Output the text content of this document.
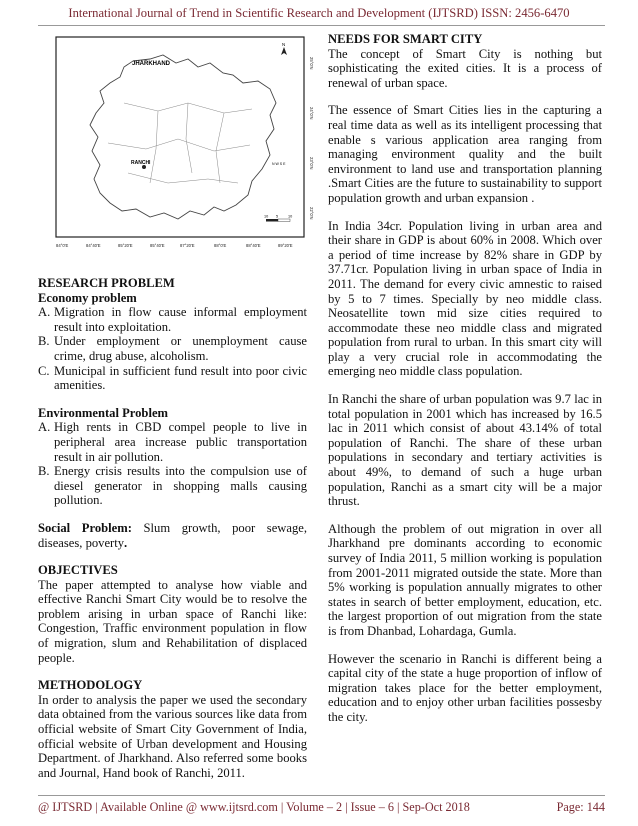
International Journal of Trend in Scientific Research and Development (IJTSRD) ISSN: 2456-6470
JHARKHAND
RANCHI
N
10 5	10
N W S E
84°0'E	84°40'E	85°20'E	85°40'E	87°20'E	88°0'E	88°40'E	89°20'E
25°0'N
24°0'N
23°0'N
22°0'N
RESEARCH PROBLEM
Economy problem
A. Migration in flow cause informal employment result into exploitation.
B. Under employment or unemployment cause crime, drug abuse, alcoholism.
C. Municipal in sufficient fund result into poor civic amenities.
Environmental Problem
A. High rents in CBD compel people to live in peripheral area increase public transportation result in air pollution.
B. Energy crisis results into the compulsion use of diesel generator in shopping malls causing pollution.

Social Problem: Slum growth, poor sewage, diseases, poverty.

OBJECTIVES

The paper attempted to analyse how viable and effective Ranchi Smart City would be to resolve the problem arising in urban space of Ranchi like: Congestion, Traffic environment population in flow of migration, slum and Rehabilitation of displaced people.

METHODOLOGY

In order to analysis the paper we used the secondary data obtained from the various sources like data from official website of Smart City Government of India, official website of Urban development and Housing Department. of Jharkhand. Also referred some books and Journal, Hand book of Ranchi, 2011.

NEEDS FOR SMART CITY

The concept of Smart City is nothing but sophisticating the exited cities. It is a process of renewal of urban space.

The essence of Smart Cities lies in the capturing a real time data as well as its intelligent processing that enable s various application area ranging from managing environment quality and the built environment to land use and transportation planning .Smart Cities are the future to sustainability to support population growth and urban expansion .

In India 34cr. Population living in urban area and their share in GDP is about 60% in 2008. Which over a period of time increase by 82% share in GDP by 37.71cr. Population living in urban space of India in 2011. The demand for every civic amnestic to raised by 5 to 7 times. Specially by neo middle class. Neosatellite town mid size cities required to accommodate these neo middle class and migrated population from rural to urban. In this smart city will play a very crucial role in accommodating the emerging neo middle class population.

In Ranchi the share of urban population was 9.7 lac in total population in 2001 which has increased by 16.5 lac in 2011 which consist of about 43.14% of total population of Ranchi. The share of these urban populations in secondary and tertiary activities is about 49%, to demand of such a huge urban population, Ranchi as a smart city will be a major thrust.

Although the problem of out migration in over all Jharkhand pre dominants according to economic survey of India 2011, 5 million working is population from 2001-2011 migrated outside the state. More than 5% working is population annually migrates to other states in search of better employment, education, etc. the largest proportion of out migration from the state is from Dhanbad, Lohardaga, Gumla.

However the scenario in Ranchi is different being a capital city of the state a huge proportion of inflow of migration takes place for the better employment, education and to enjoy other urban facilities possesby the city.

@ IJTSRD | Available Online @ www.ijtsrd.com | Volume – 2 | Issue – 6 | Sep-Oct 2018	Page: 144
